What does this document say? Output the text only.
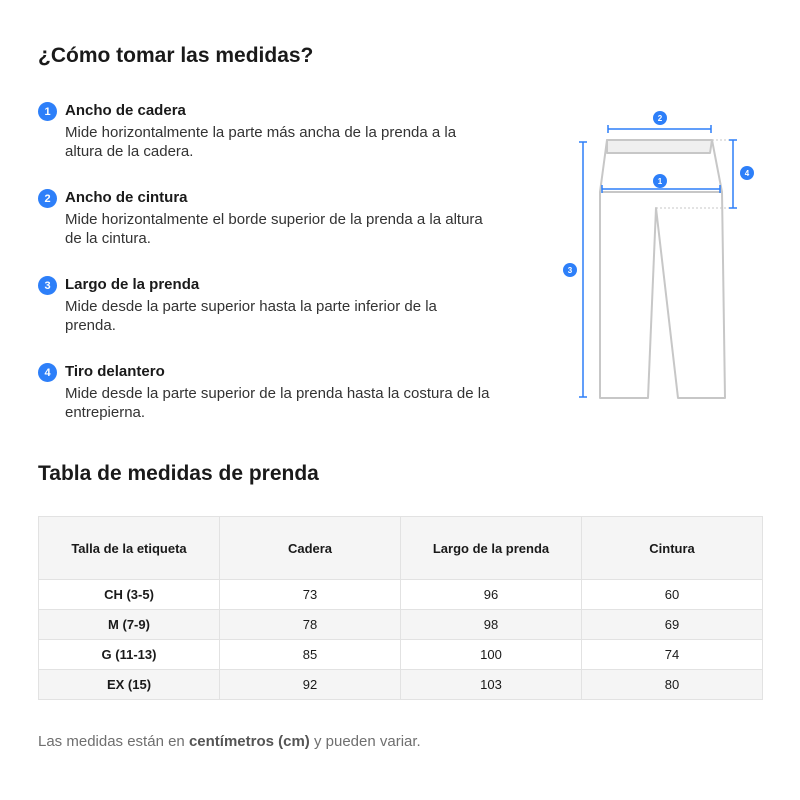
¿Cómo tomar las medidas?
1 Ancho de cadera
Mide horizontalmente la parte más ancha de la prenda a la altura de la cadera.
2 Ancho de cintura
Mide horizontalmente el borde superior de la prenda a la altura de la cintura.
3 Largo de la prenda
Mide desde la parte superior hasta la parte inferior de la prenda.
4 Tiro delantero
Mide desde la parte superior de la prenda hasta la costura de la entrepierna.
2
1
3
4
Tabla de medidas de prenda
Talla de la etiqueta	Cadera	Largo de la prenda	Cintura
CH (3-5)	73	96	60
M (7-9)	78	98	69
G (11-13)	85	100	74
EX (15)	92	103	80
Las medidas están en centímetros (cm) y pueden variar.
